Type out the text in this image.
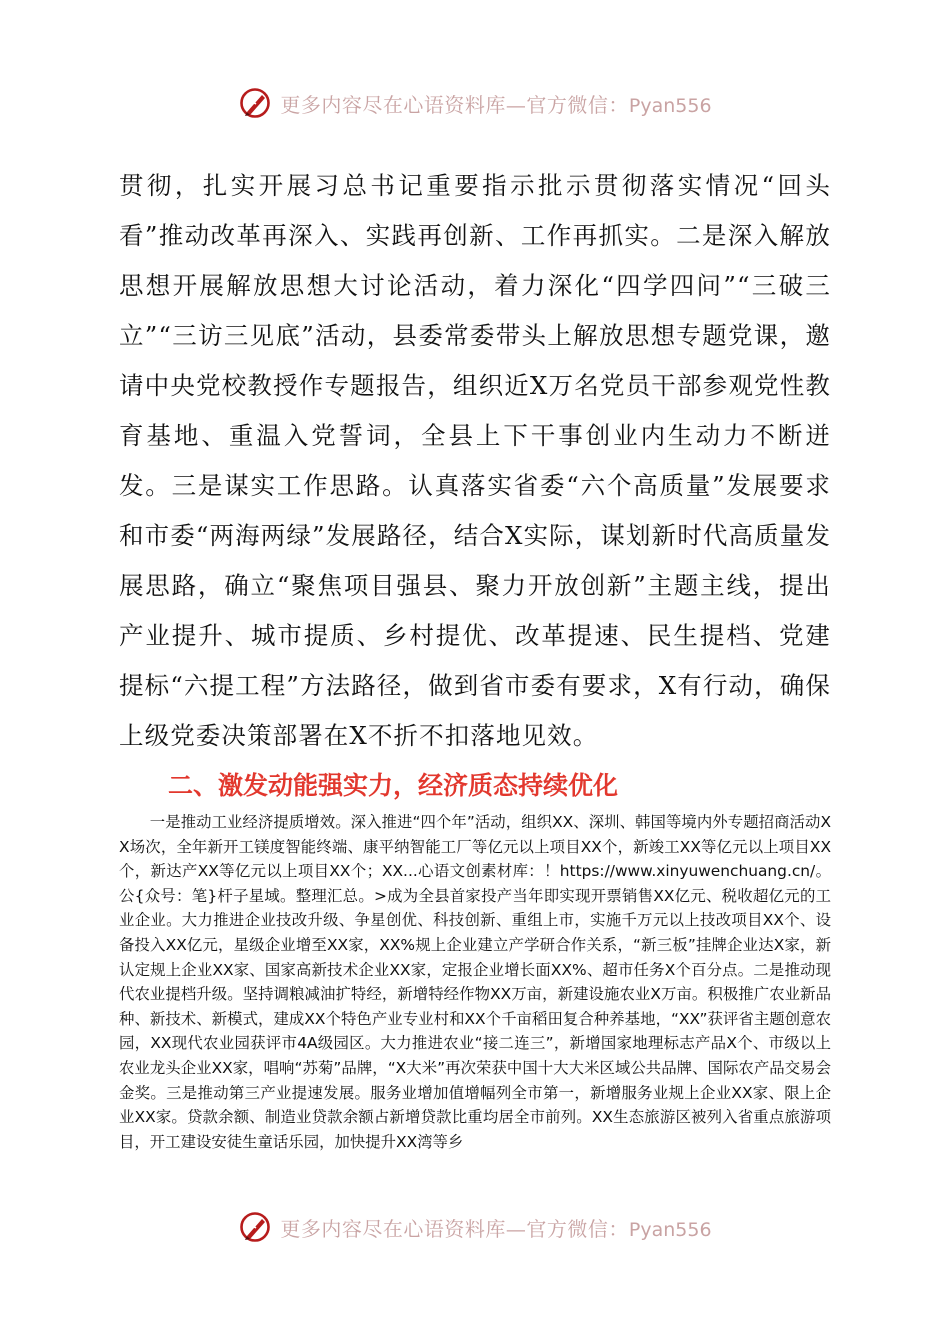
更多内容尽在心语资料库—官方微信：Pyan556

贯彻，扎实开展习总书记重要指示批示贯彻落实情况“回头看”推动改革再深入、实践再创新、工作再抓实。二是深入解放思想开展解放思想大讨论活动，着力深化“四学四问”“三破三立”“三访三见底”活动，县委常委带头上解放思想专题党课，邀请中央党校教授作专题报告，组织近X万名党员干部参观党性教育基地、重温入党誓词，全县上下干事创业内生动力不断迸发。三是谋实工作思路。认真落实省委“六个高质量”发展要求和市委“两海两绿”发展路径，结合X实际，谋划新时代高质量发展思路，确立“聚焦项目强县、聚力开放创新”主题主线，提出产业提升、城市提质、乡村提优、改革提速、民生提档、党建提标“六提工程”方法路径，做到省市委有要求，X有行动，确保上级党委决策部署在X不折不扣落地见效。

二、激发动能强实力，经济质态持续优化

一是推动工业经济提质增效。深入推进“四个年”活动，组织XX、深圳、韩国等境内外专题招商活动XX场次，全年新开工镁度智能终端、康平纳智能工厂等亿元以上项目XX个，新竣工XX等亿元以上项目XX个，新达产XX等亿元以上项目XX个；XX...心语文创素材库：！https://www.xinyuwenchuang.cn/。公{众号：笔}杆子星域。整理汇总。>成为全县首家投产当年即实现开票销售XX亿元、税收超亿元的工业企业。大力推进企业技改升级、争星创优、科技创新、重组上市，实施千万元以上技改项目XX个、设备投入XX亿元，星级企业增至XX家，XX%规上企业建立产学研合作关系，“新三板”挂牌企业达X家，新认定规上企业XX家、国家高新技术企业XX家，定报企业增长面XX%、超市任务X个百分点。二是推动现代农业提档升级。坚持调粮减油扩特经，新增特经作物XX万亩，新建设施农业X万亩。积极推广农业新品种、新技术、新模式，建成XX个特色产业专业村和XX个千亩稻田复合种养基地，“XX”获评省主题创意农园，XX现代农业园获评市4A级园区。大力推进农业“接二连三”，新增国家地理标志产品X个、市级以上农业龙头企业XX家，唱响“苏菊”品牌，“X大米”再次荣获中国十大大米区域公共品牌、国际农产品交易会金奖。三是推动第三产业提速发展。服务业增加值增幅列全市第一，新增服务业规上企业XX家、限上企业XX家。贷款余额、制造业贷款余额占新增贷款比重均居全市前列。XX生态旅游区被列入省重点旅游项目，开工建设安徒生童话乐园，加快提升XX湾等乡

更多内容尽在心语资料库—官方微信：Pyan556
